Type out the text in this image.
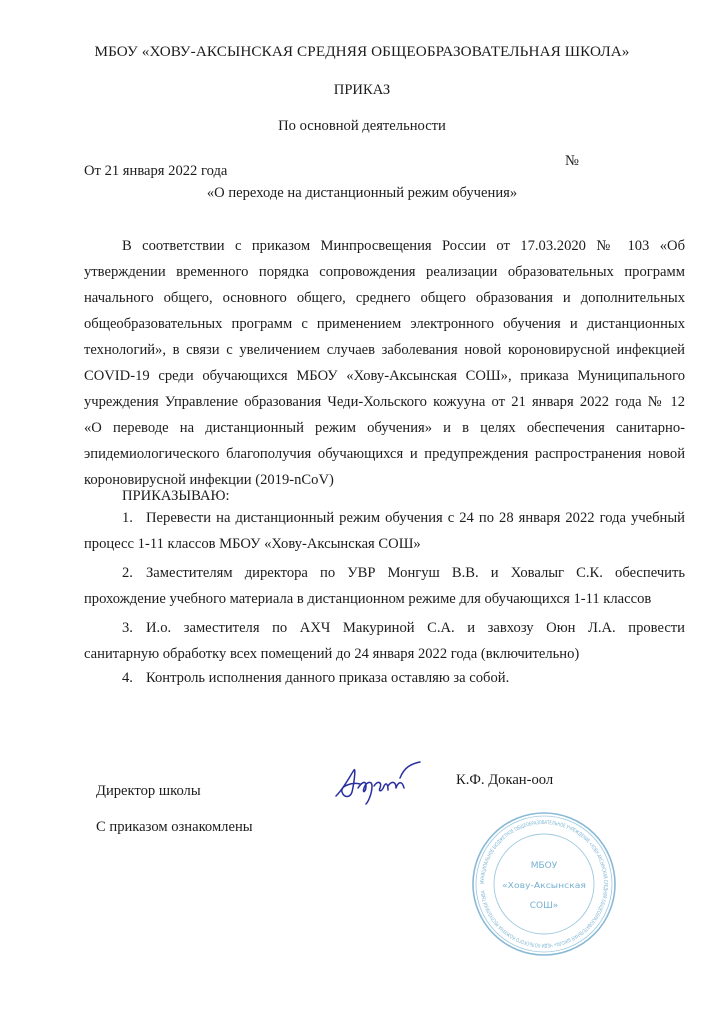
МБОУ «ХОВУ-АКСЫНСКАЯ СРЕДНЯЯ ОБЩЕОБРАЗОВАТЕЛЬНАЯ ШКОЛА»
ПРИКАЗ
По основной деятельности
От 21 января 2022 года
№
«О переходе на дистанционный режим обучения»
В соответствии с приказом Минпросвещения России от 17.03.2020 № 103 «Об
утверждении временного порядка сопровождения реализации образовательных программ
начального общего, основного общего, среднего общего образования и дополнительных
общеобразовательных программ с применением электронного обучения и дистанционных
технологий», в связи с увеличением случаев заболевания новой короновирусной инфекцией
COVID-19 среди обучающихся МБОУ «Хову-Аксынская СОШ», приказа Муниципального
учреждения Управление образования Чеди-Хольского кожууна от 21 января 2022 года № 12
«О переводе на дистанционный режим обучения» и в целях обеспечения санитарно-
эпидемиологического благополучия обучающихся и предупреждения распространения новой
короновирусной инфекции (2019-nCoV)
ПРИКАЗЫВАЮ:
1. Перевести на дистанционный режим обучения с 24 по 28 января 2022 года учебный
процесс 1-11 классов МБОУ «Хову-Аксынская СОШ»
2. Заместителям директора по УВР Монгуш В.В. и Ховалыг С.К. обеспечить
прохождение учебного материала в дистанционном режиме для обучающихся 1-11 классов
3. И.о. заместителя по АХЧ Макуриной С.А. и завхозу Оюн Л.А. провести
санитарную обработку всех помещений до 24 января 2022 года (включительно)
4. Контроль исполнения данного приказа оставляю за собой.
МУНИЦИПАЛЬНОЕ БЮДЖЕТНОЕ ОБЩЕОБРАЗОВАТЕЛЬНОЕ УЧРЕЖДЕНИЕ «ХОВУ-АКСЫНСКАЯ СРЕДНЯЯ ОБЩЕОБРАЗОВАТЕЛЬНАЯ ШКОЛА» ЧЕДИ-ХОЛЬСКОГО КОЖУУНА РЕСПУБЛИКИ ТЫВА
МБОУ
«Хову-Аксынская
СОШ»
Директор школы
К.Ф. Докан-оол
С приказом ознакомлены
